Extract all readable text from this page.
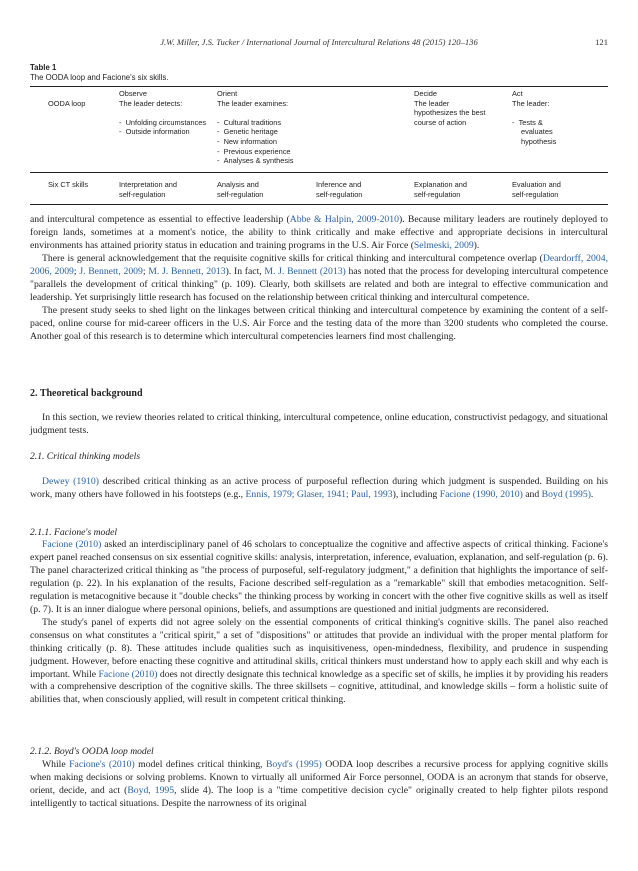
J.W. Miller, J.S. Tucker / International Journal of Intercultural Relations 48 (2015) 120–136	121
Table 1
The OODA loop and Facione's six skills.
OODA loop
Observe
The leader detects:

-  Unfolding circumstances
-  Outside information
Orient
The leader examines:

-  Cultural traditions
-  Genetic heritage
-  New information
-  Previous experience
-  Analyses & synthesis
Decide
The leader
hypothesizes the best
course of action
Act
The leader:

-  Tests &
evaluates
hypothesis
Six CT skills	Interpretation and
self-regulation
Analysis and
self-regulation
Inference and
self-regulation
Explanation and
self-regulation
Evaluation and
self-regulation

and intercultural competence as essential to effective leadership (Abbe & Halpin, 2009-2010). Because military leaders are routinely deployed to foreign lands, sometimes at a moment's notice, the ability to think critically and make effective and appropriate decisions in intercultural environments has attained priority status in education and training programs in the U.S. Air Force (Selmeski, 2009).

There is general acknowledgement that the requisite cognitive skills for critical thinking and intercultural competence overlap (Deardorff, 2004, 2006, 2009; J. Bennett, 2009; M. J. Bennett, 2013). In fact, M. J. Bennett (2013) has noted that the process for developing intercultural competence "parallels the development of critical thinking" (p. 109). Clearly, both skillsets are related and both are integral to effective communication and leadership. Yet surprisingly little research has focused on the relationship between critical thinking and intercultural competence.

The present study seeks to shed light on the linkages between critical thinking and intercultural competence by examining the content of a self-paced, online course for mid-career officers in the U.S. Air Force and the testing data of the more than 3200 students who completed the course. Another goal of this research is to determine which intercultural competencies learners find most challenging.

2. Theoretical background

In this section, we review theories related to critical thinking, intercultural competence, online education, constructivist pedagogy, and situational judgment tests.

2.1. Critical thinking models

Dewey (1910) described critical thinking as an active process of purposeful reflection during which judgment is suspended. Building on his work, many others have followed in his footsteps (e.g., Ennis, 1979; Glaser, 1941; Paul, 1993), including Facione (1990, 2010) and Boyd (1995).

2.1.1. Facione's model

Facione (2010) asked an interdisciplinary panel of 46 scholars to conceptualize the cognitive and affective aspects of critical thinking. Facione's expert panel reached consensus on six essential cognitive skills: analysis, interpretation, inference, evaluation, explanation, and self-regulation (p. 6). The panel characterized critical thinking as "the process of purposeful, self-regulatory judgment," a definition that highlights the importance of self-regulation (p. 22). In his explanation of the results, Facione described self-regulation as a "remarkable" skill that embodies metacognition. Self-regulation is metacognitive because it "double checks" the thinking process by working in concert with the other five cognitive skills as well as itself (p. 7). It is an inner dialogue where personal opinions, beliefs, and assumptions are questioned and initial judgments are reconsidered.

The study's panel of experts did not agree solely on the essential components of critical thinking's cognitive skills. The panel also reached consensus on what constitutes a "critical spirit," a set of "dispositions" or attitudes that provide an individual with the proper mental platform for thinking critically (p. 8). These attitudes include qualities such as inquisitiveness, open-mindedness, flexibility, and prudence in suspending judgment. However, before enacting these cognitive and attitudinal skills, critical thinkers must understand how to apply each skill and why each is important. While Facione (2010) does not directly designate this technical knowledge as a specific set of skills, he implies it by providing his readers with a comprehensive description of the cognitive skills. The three skillsets – cognitive, attitudinal, and knowledge skills – form a holistic suite of abilities that, when consciously applied, will result in competent critical thinking.

2.1.2. Boyd's OODA loop model

While Facione's (2010) model defines critical thinking, Boyd's (1995) OODA loop describes a recursive process for applying cognitive skills when making decisions or solving problems. Known to virtually all uniformed Air Force personnel, OODA is an acronym that stands for observe, orient, decide, and act (Boyd, 1995, slide 4). The loop is a "time competitive decision cycle" originally created to help fighter pilots respond intelligently to tactical situations. Despite the narrowness of its original
